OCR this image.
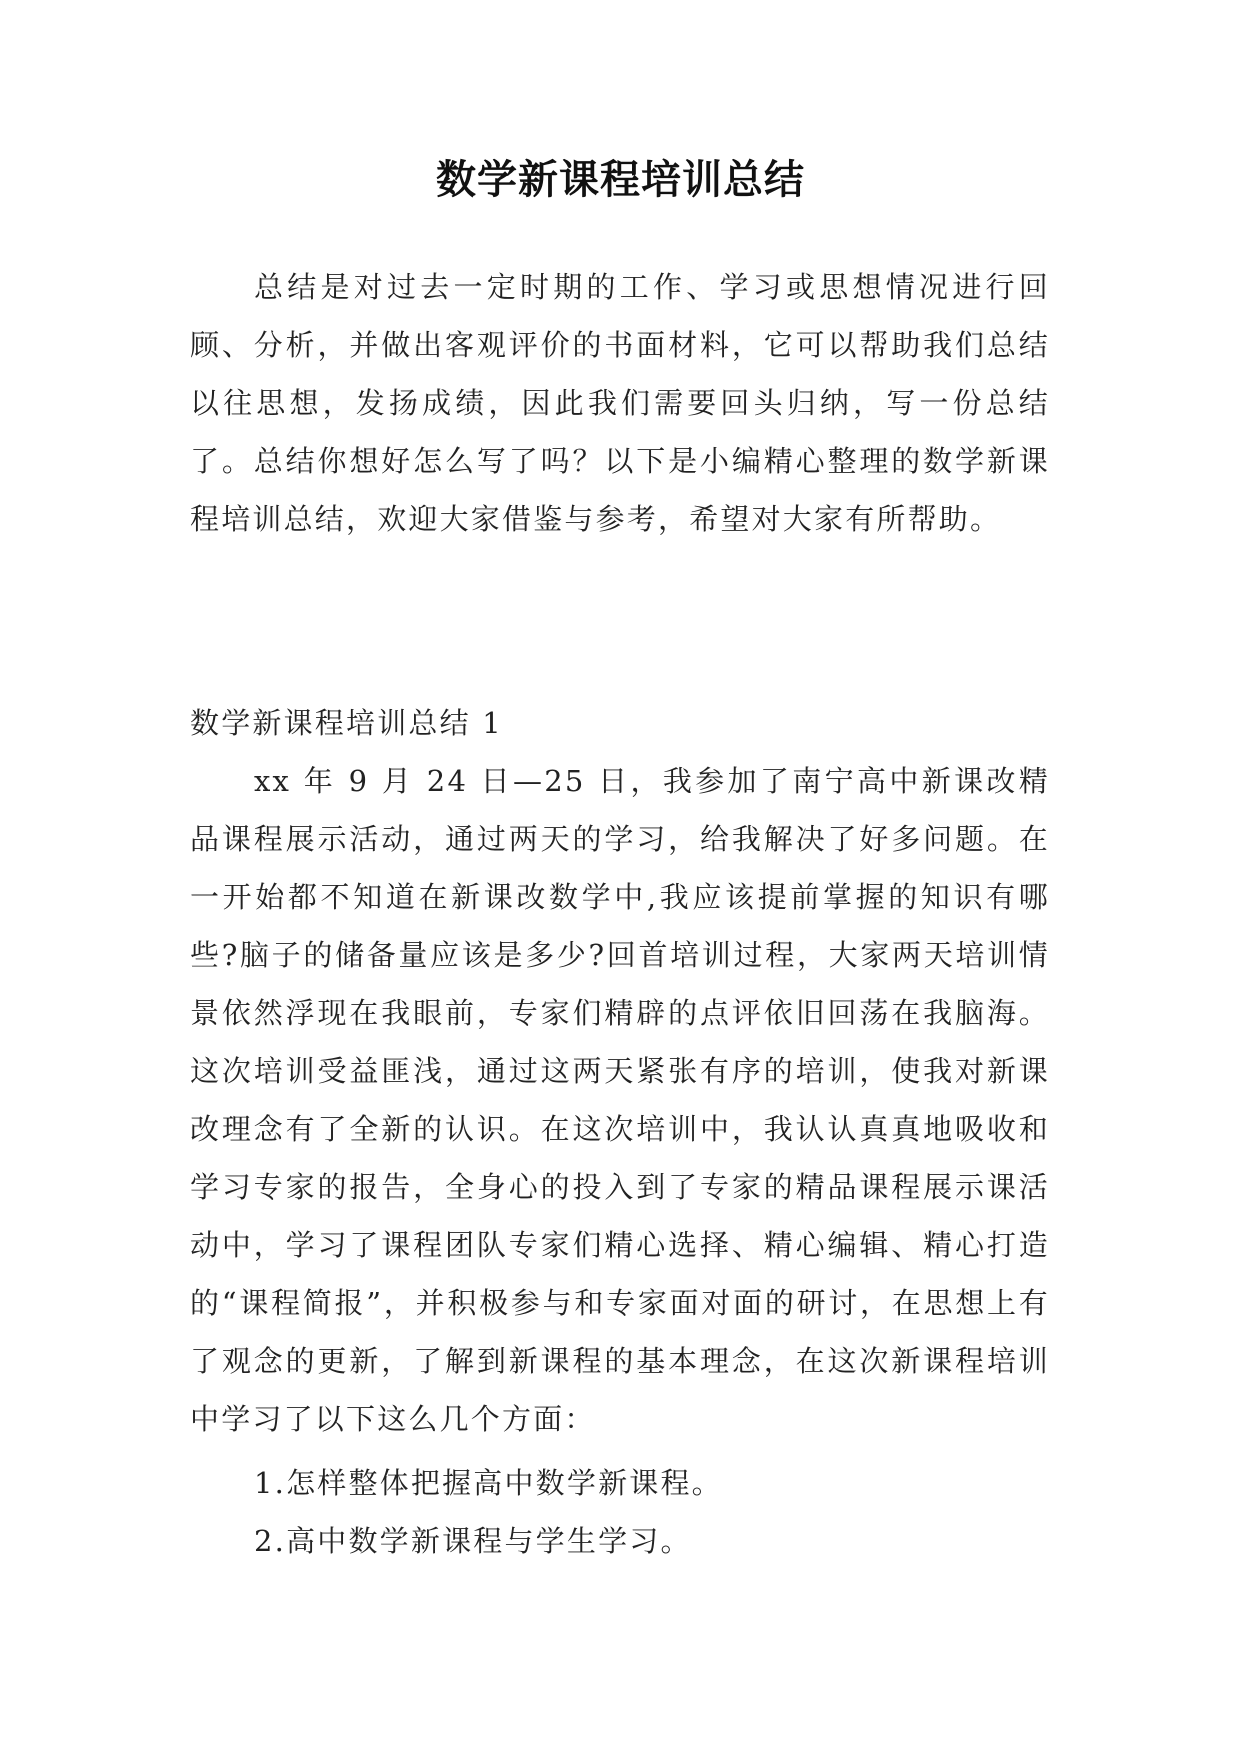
数学新课程培训总结

总结是对过去一定时期的工作、学习或思想情况进行回顾、分析，并做出客观评价的书面材料，它可以帮助我们总结以往思想，发扬成绩，因此我们需要回头归纳，写一份总结了。总结你想好怎么写了吗？以下是小编精心整理的数学新课程培训总结，欢迎大家借鉴与参考，希望对大家有所帮助。

数学新课程培训总结 1

xx 年 9 月 24 日—25 日，我参加了南宁高中新课改精品课程展示活动，通过两天的学习，给我解决了好多问题。在一开始都不知道在新课改数学中,我应该提前掌握的知识有哪些?脑子的储备量应该是多少?回首培训过程，大家两天培训情景依然浮现在我眼前，专家们精辟的点评依旧回荡在我脑海。这次培训受益匪浅，通过这两天紧张有序的培训，使我对新课改理念有了全新的认识。在这次培训中，我认认真真地吸收和学习专家的报告，全身心的投入到了专家的精品课程展示课活动中，学习了课程团队专家们精心选择、精心编辑、精心打造的“课程简报”，并积极参与和专家面对面的研讨，在思想上有了观念的更新，了解到新课程的基本理念，在这次新课程培训中学习了以下这么几个方面：

1.怎样整体把握高中数学新课程。

2.高中数学新课程与学生学习。
